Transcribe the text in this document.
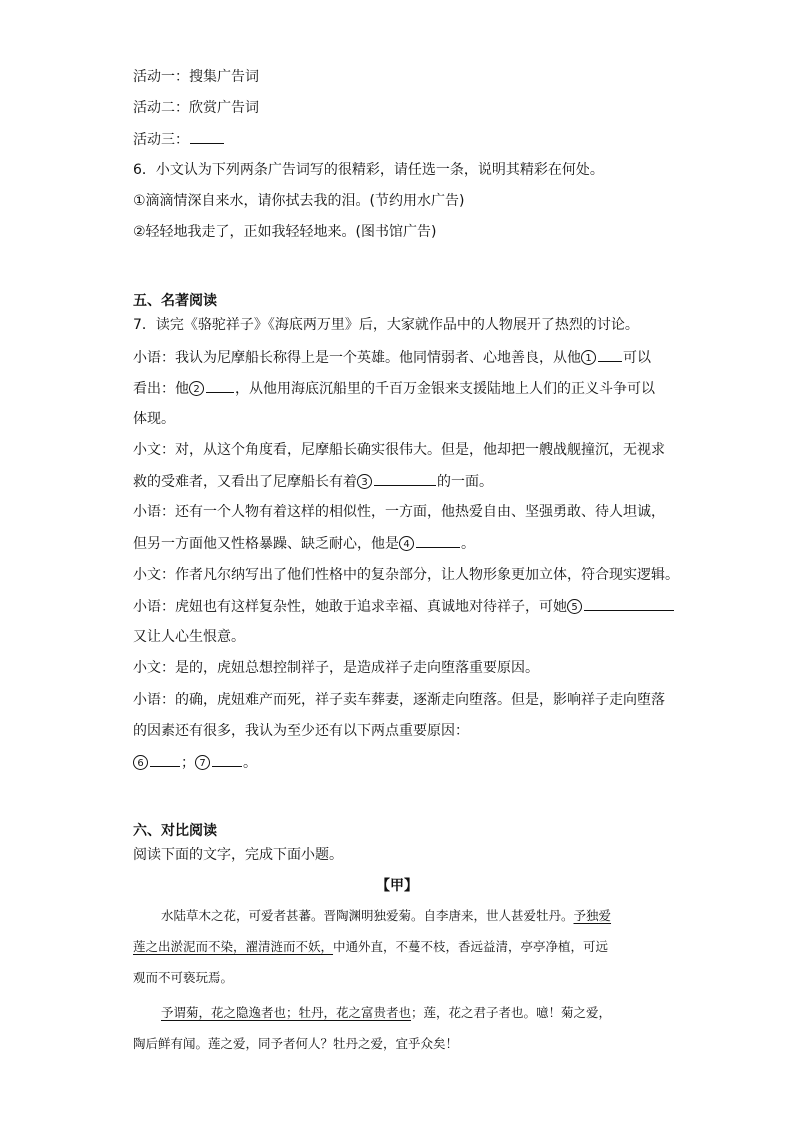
活动一：搜集广告词
活动二：欣赏广告词
活动三：
6．小文认为下列两条广告词写的很精彩，请任选一条，说明其精彩在何处。
①滴滴情深自来水，请你拭去我的泪。(节约用水广告)
②轻轻地我走了，正如我轻轻地来。(图书馆广告)
五、名著阅读
7．读完《骆驼祥子》《海底两万里》后，大家就作品中的人物展开了热烈的讨论。
小语：我认为尼摩船长称得上是一个英雄。他同情弱者、心地善良，从他 1 可以
看出：他 2	，从他用海底沉船里的千百万金银来支援陆地上人们的正义斗争可以
体现。
小文：对，从这个角度看，尼摩船长确实很伟大。但是，他却把一艘战舰撞沉，无视求
救的受难者，又看出了尼摩船长有着 3	的一面。
小语：还有一个人物有着这样的相似性，一方面，他热爱自由、坚强勇敢、待人坦诚，
但另一方面他又性格暴躁、缺乏耐心，他是 4	。
小文：作者凡尔纳写出了他们性格中的复杂部分，让人物形象更加立体，符合现实逻辑。
小语：虎妞也有这样复杂性，她敢于追求幸福、真诚地对待祥子，可她 5
又让人心生恨意。
小文：是的，虎妞总想控制祥子，是造成祥子走向堕落重要原因。
小语：的确，虎妞难产而死，祥子卖车葬妻，逐渐走向堕落。但是，影响祥子走向堕落
的因素还有很多，我认为至少还有以下两点重要原因：
6	； 7	。
六、对比阅读
阅读下面的文字，完成下面小题。
【甲】
水陆草木之花，可爱者甚蕃。晋陶渊明独爱菊。自李唐来，世人甚爱牡丹。予独爱
莲之出淤泥而不染，濯清涟而不妖，中通外直，不蔓不枝，香远益清，亭亭净植，可远
观而不可亵玩焉。
予谓菊，花之隐逸者也；牡丹，花之富贵者也；莲，花之君子者也。噫！菊之爱，
陶后鲜有闻。莲之爱，同予者何人？牡丹之爱，宜乎众矣！
